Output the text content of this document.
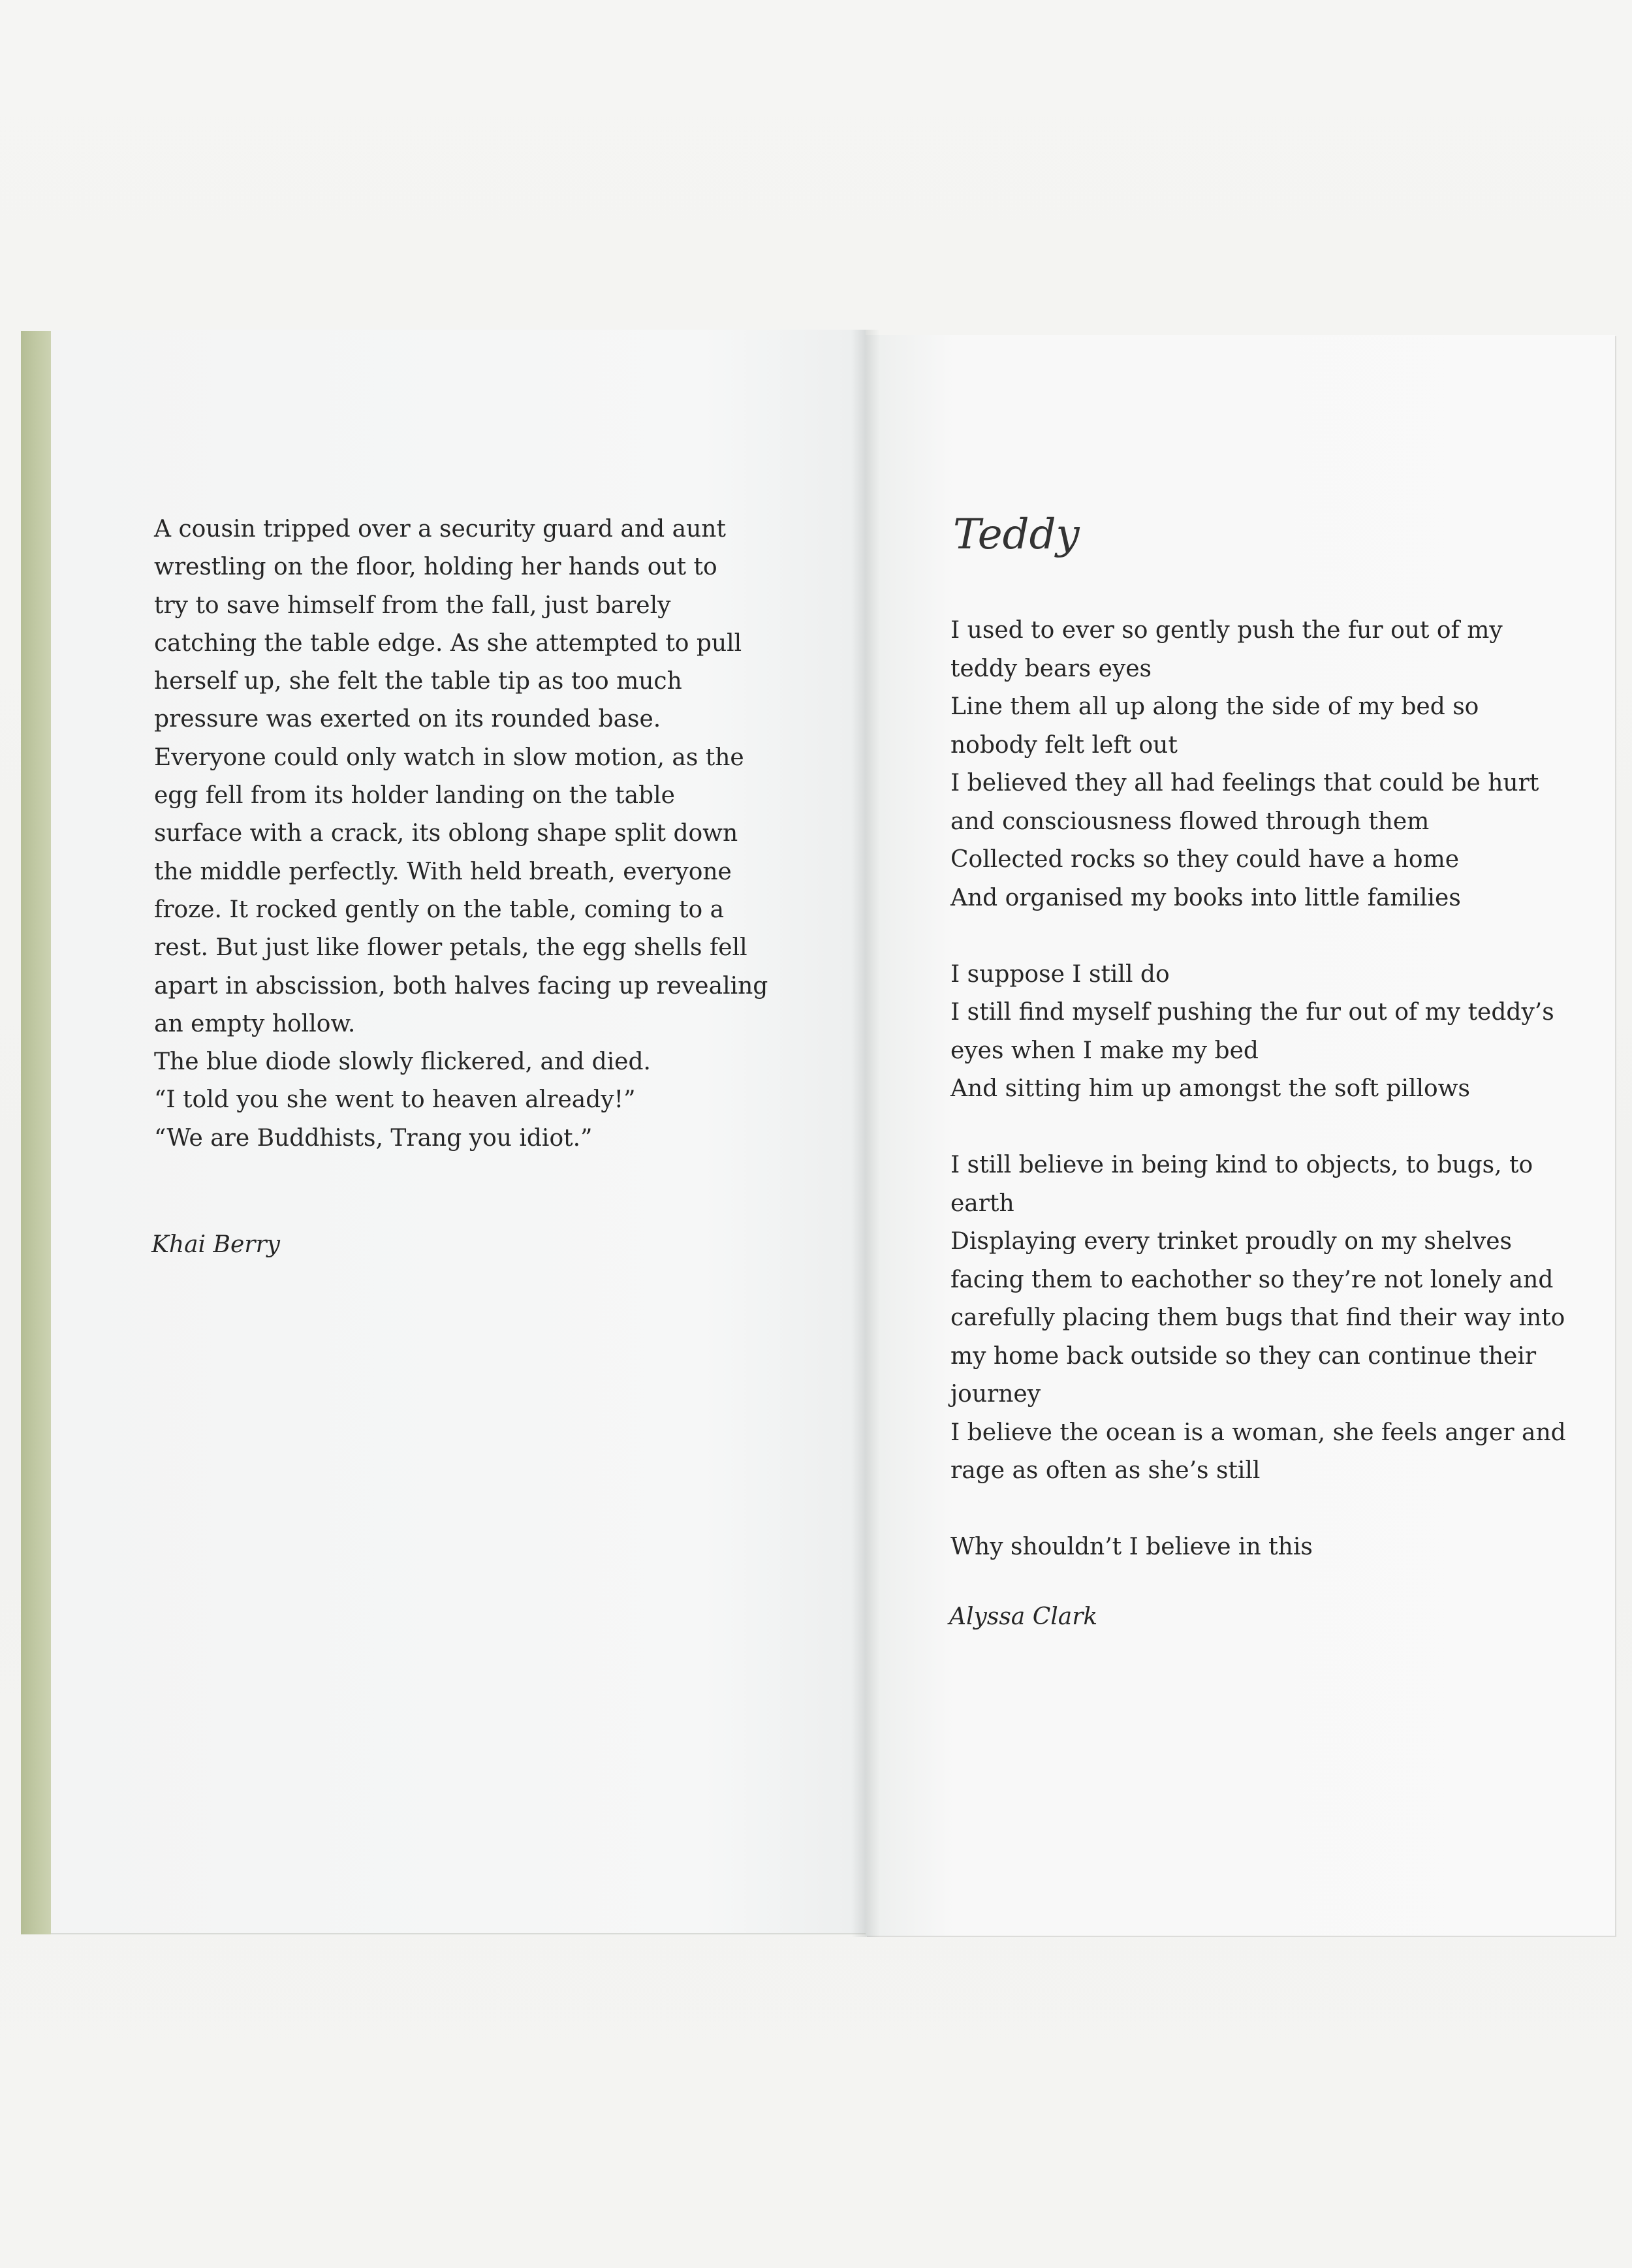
A cousin tripped over a security guard and aunt
wrestling on the floor, holding her hands out to
try to save himself from the fall, just barely
catching the table edge. As she attempted to pull
herself up, she felt the table tip as too much
pressure was exerted on its rounded base.
Everyone could only watch in slow motion, as the
egg fell from its holder landing on the table
surface with a crack, its oblong shape split down
the middle perfectly. With held breath, everyone
froze. It rocked gently on the table, coming to a
rest. But just like flower petals, the egg shells fell
apart in abscission, both halves facing up revealing
an empty hollow.
The blue diode slowly flickered, and died.
“I told you she went to heaven already!”
“We are Buddhists, Trang you idiot.”
Khai Berry
Teddy
I used to ever so gently push the fur out of my
teddy bears eyes
Line them all up along the side of my bed so
nobody felt left out
I believed they all had feelings that could be hurt
and consciousness flowed through them
Collected rocks so they could have a home
And organised my books into little families
I suppose I still do
I still find myself pushing the fur out of my teddy’s
eyes when I make my bed
And sitting him up amongst the soft pillows
I still believe in being kind to objects, to bugs, to
earth
Displaying every trinket proudly on my shelves
facing them to eachother so they’re not lonely and
carefully placing them bugs that find their way into
my home back outside so they can continue their
journey
I believe the ocean is a woman, she feels anger and
rage as often as she’s still
Why shouldn’t I believe in this
Alyssa Clark
